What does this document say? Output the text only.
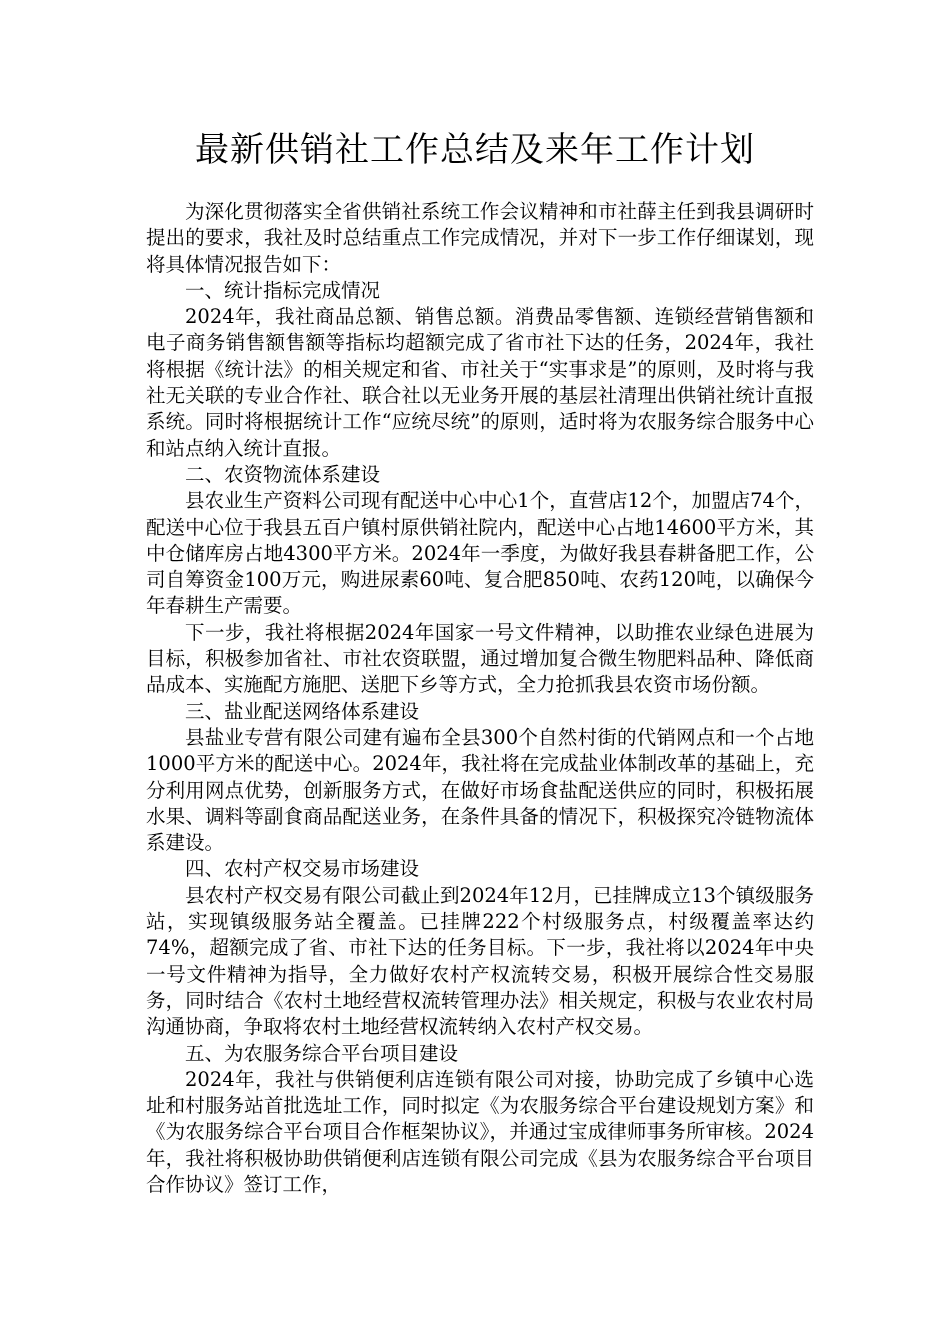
最新供销社工作总结及来年工作计划

为深化贯彻落实全省供销社系统工作会议精神和市社薛主任到我县调研时提出的要求，我社及时总结重点工作完成情况，并对下一步工作仔细谋划，现将具体情况报告如下：

一、统计指标完成情况

2024年，我社商品总额、销售总额。消费品零售额、连锁经营销售额和电子商务销售额售额等指标均超额完成了省市社下达的任务，2024年，我社将根据《统计法》的相关规定和省、市社关于“实事求是”的原则，及时将与我社无关联的专业合作社、联合社以无业务开展的基层社清理出供销社统计直报系统。同时将根据统计工作“应统尽统”的原则，适时将为农服务综合服务中心和站点纳入统计直报。

二、农资物流体系建设

县农业生产资料公司现有配送中心中心1个，直营店12个，加盟店74个，配送中心位于我县五百户镇村原供销社院内，配送中心占地14600平方米，其中仓储库房占地4300平方米。2024年一季度，为做好我县春耕备肥工作，公司自筹资金100万元，购进尿素60吨、复合肥850吨、农药120吨，以确保今年春耕生产需要。

下一步，我社将根据2024年国家一号文件精神，以助推农业绿色进展为目标，积极参加省社、市社农资联盟，通过增加复合微生物肥料品种、降低商品成本、实施配方施肥、送肥下乡等方式，全力抢抓我县农资市场份额。

三、盐业配送网络体系建设

县盐业专营有限公司建有遍布全县300个自然村街的代销网点和一个占地1000平方米的配送中心。2024年，我社将在完成盐业体制改革的基础上，充分利用网点优势，创新服务方式，在做好市场食盐配送供应的同时，积极拓展水果、调料等副食商品配送业务，在条件具备的情况下，积极探究冷链物流体系建设。

四、农村产权交易市场建设

县农村产权交易有限公司截止到2024年12月，已挂牌成立13个镇级服务站，实现镇级服务站全覆盖。已挂牌222个村级服务点，村级覆盖率达约74%，超额完成了省、市社下达的任务目标。下一步，我社将以2024年中央一号文件精神为指导，全力做好农村产权流转交易，积极开展综合性交易服务，同时结合《农村土地经营权流转管理办法》相关规定，积极与农业农村局沟通协商，争取将农村土地经营权流转纳入农村产权交易。

五、为农服务综合平台项目建设

2024年，我社与供销便利店连锁有限公司对接，协助完成了乡镇中心选址和村服务站首批选址工作，同时拟定《为农服务综合平台建设规划方案》和《为农服务综合平台项目合作框架协议》，并通过宝成律师事务所审核。2024年，我社将积极协助供销便利店连锁有限公司完成《县为农服务综合平台项目合作协议》签订工作，
